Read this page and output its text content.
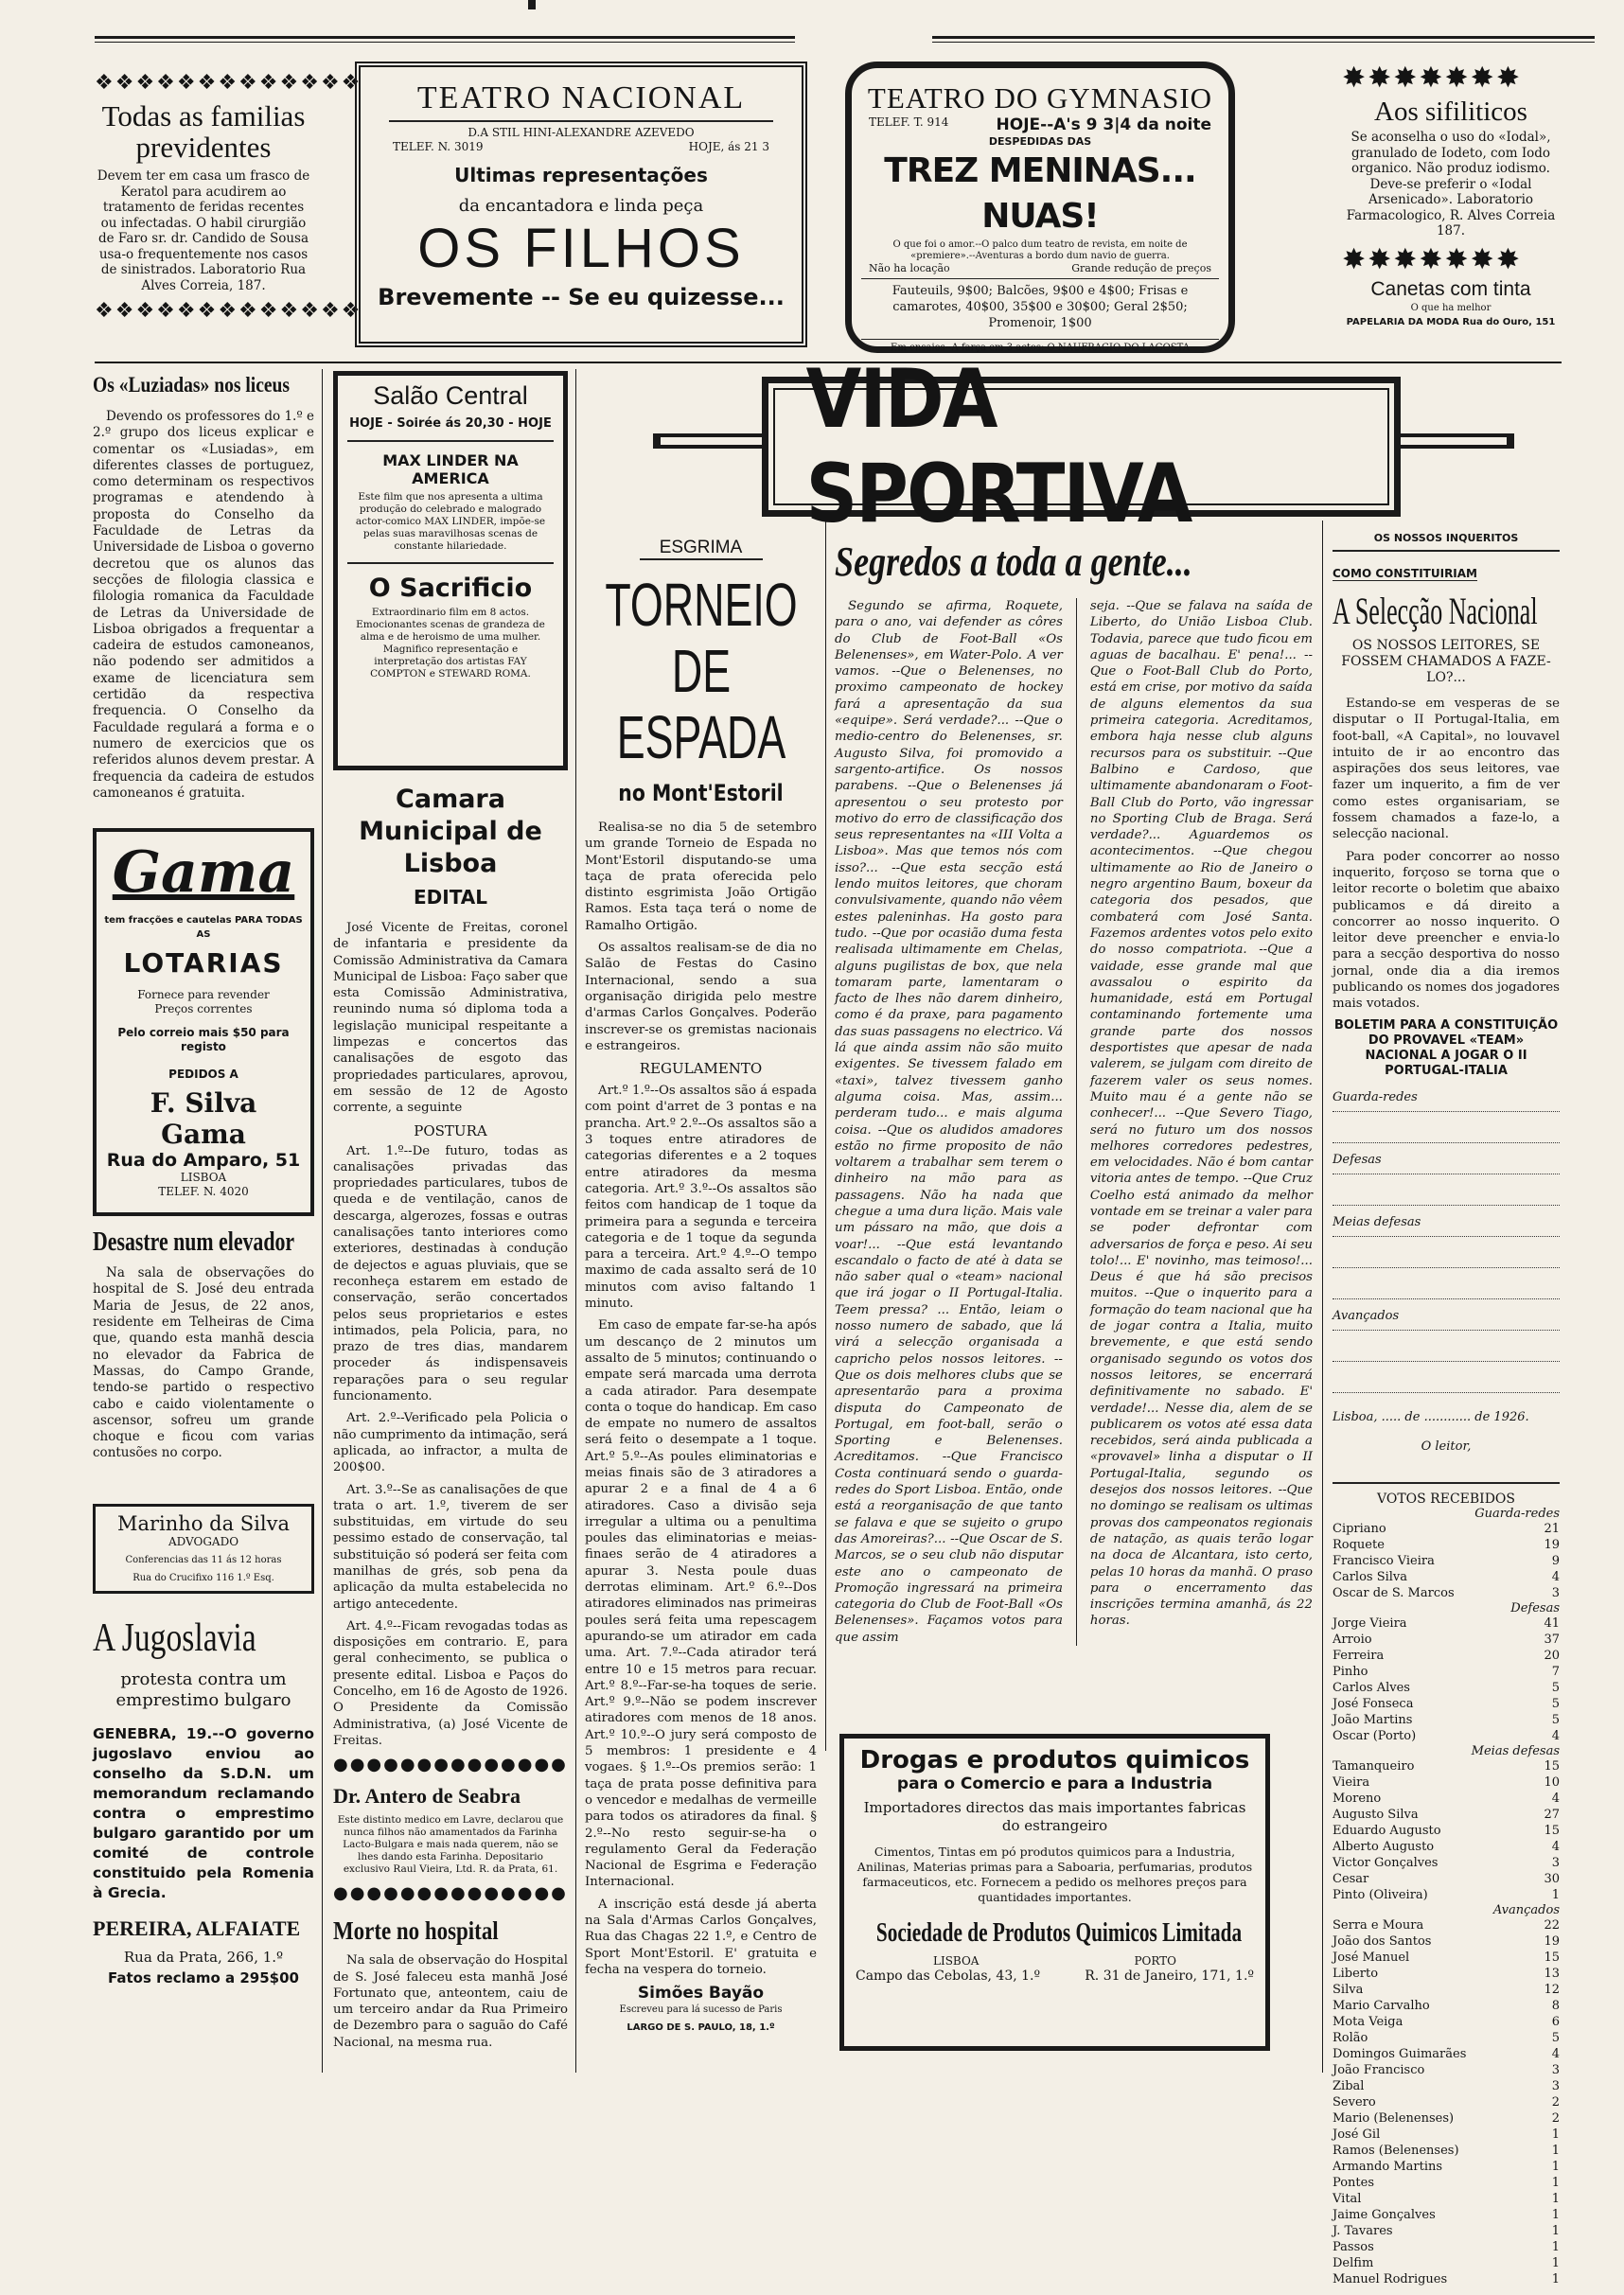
❖❖❖❖❖❖❖❖❖❖❖❖❖
Todas as familias previdentes
Devem ter em casa um frasco de Keratol para acudirem ao tratamento de feridas recentes ou infectadas. O habil cirurgião de Faro sr. dr. Candido de Sousa usa-o frequentemente nos casos de sinistrados. Laboratorio Rua Alves Correia, 187.
❖❖❖❖❖❖❖❖❖❖❖❖❖
TEATRO NACIONAL
D.A STIL HINI-ALEXANDRE AZEVEDO
TELEF. N. 3019	HOJE, ás 21 3
Ultimas representações
da encantadora e linda peça
OS FILHOS
Brevemente -- Se eu quizesse...
TEATRO DO GYMNASIO
TELEF. T. 914	HOJE--A's 9 3|4 da noite
DESPEDIDAS DAS
TREZ MENINAS... NUAS!
O que foi o amor.--O palco dum teatro de revista, em noite de «premiere».--Aventuras a bordo dum navio de guerra.
Não ha locação	Grande redução de preços
Fauteuils, 9$00; Balcões, 9$00 e 4$00; Frisas e camarotes, 40$00, 35$00 e 30$00; Geral 2$50; Promenoir, 1$00
Em ensaios--A farça em 3 actos: O NAUFRAGIO DO LAGOSTA
✸✸✸✸✸✸✸
Aos sifiliticos
Se aconselha o uso do «Iodal», granulado de Iodeto, com Iodo organico. Não produz iodismo. Deve-se preferir o «Iodal Arsenicado». Laboratorio Farmacologico, R. Alves Correia 187.
✸✸✸✸✸✸✸
Canetas com tinta
O que ha melhor
PAPELARIA DA MODA Rua do Ouro, 151
Os «Luziadas» nos liceus

Devendo os professores do 1.º e 2.º grupo dos liceus explicar e comentar os «Lusiadas», em diferentes classes de portuguez, como determinam os respectivos programas e atendendo à proposta do Conselho da Faculdade de Letras da Universidade de Lisboa o governo decretou que os alunos das secções de filologia classica e filologia romanica da Faculdade de Letras da Universidade de Lisboa obrigados a frequentar a cadeira de estudos camoneanos, não podendo ser admitidos a exame de licenciatura sem certidão da respectiva frequencia. O Conselho da Faculdade regulará a forma e o numero de exercicios que os referidos alunos devem prestar. A frequencia da cadeira de estudos camoneanos é gratuita.

Gama
tem fracções e cautelas PARA TODAS AS
LOTARIAS
Fornece para revender
Preços correntes
Pelo correio mais $50 para registo
PEDIDOS A
F. Silva Gama
Rua do Amparo, 51
LISBOA
TELEF. N. 4020
Desastre num elevador

Na sala de observações do hospital de S. José deu entrada Maria de Jesus, de 22 anos, residente em Telheiras de Cima que, quando esta manhã descia no elevador da Fabrica de Massas, do Campo Grande, tendo-se partido o respectivo cabo e caido violentamente o ascensor, sofreu um grande choque e ficou com varias contusões no corpo.

Marinho da Silva
ADVOGADO
Conferencias das 11 ás 12 horas
Rua do Crucifixo 116 1.º Esq.
A Jugoslavia
protesta contra um emprestimo bulgaro

GENEBRA, 19.--O governo jugoslavo enviou ao conselho da S.D.N. um memorandum reclamando contra o emprestimo bulgaro garantido por um comité de controle constituido pela Romenia à Grecia.

PEREIRA, ALFAIATE
Rua da Prata, 266, 1.º
Fatos reclamo a 295$00
Salão Central
HOJE - Soirée ás 20,30 - HOJE
MAX LINDER NA AMERICA
Este film que nos apresenta a ultima produção do celebrado e malogrado actor-comico MAX LINDER, impõe-se pelas suas maravilhosas scenas de constante hilariedade.
O Sacrificio
Extraordinario film em 8 actos. Emocionantes scenas de grandeza de alma e de heroismo de uma mulher. Magnifico representação e interpretação dos artistas FAY COMPTON e STEWARD ROMA.
Camara Municipal de Lisboa
EDITAL

José Vicente de Freitas, coronel de infantaria e presidente da Comissão Administrativa da Camara Municipal de Lisboa: Faço saber que esta Comissão Administrativa, reunindo numa só diploma toda a legislação municipal respeitante a limpezas e concertos das canalisações de esgoto das propriedades particulares, aprovou, em sessão de 12 de Agosto corrente, a seguinte

POSTURA

Art. 1.º--De futuro, todas as canalisações privadas das propriedades particulares, tubos de queda e de ventilação, canos de descarga, algerozes, fossas e outras canalisações tanto interiores como exteriores, destinadas à condução de dejectos e aguas pluviais, que se reconheça estarem em estado de conservação, serão concertados pelos seus proprietarios e estes intimados, pela Policia, para, no prazo de tres dias, mandarem proceder ás indispensaveis reparações para o seu regular funcionamento.

Art. 2.º--Verificado pela Policia o não cumprimento da intimação, será aplicada, ao infractor, a multa de 200$00.

Art. 3.º--Se as canalisações de que trata o art. 1.º, tiverem de ser substituidas, em virtude do seu pessimo estado de conservação, tal substituição só poderá ser feita com manilhas de grés, sob pena da aplicação da multa estabelecida no artigo antecedente.

Art. 4.º--Ficam revogadas todas as disposições em contrario. E, para geral conhecimento, se publica o presente edital. Lisboa e Paços do Concelho, em 16 de Agosto de 1926. O Presidente da Comissão Administrativa, (a) José Vicente de Freitas.

●●●●●●●●●●●●●●
Dr. Antero de Seabra
Este distinto medico em Lavre, declarou que nunca filhos não amamentados da Farinha Lacto-Bulgara e mais nada querem, não se lhes dando esta Farinha. Depositario exclusivo Raul Vieira, Ltd. R. da Prata, 61.
●●●●●●●●●●●●●●
Morte no hospital

Na sala de observação do Hospital de S. José faleceu esta manhã José Fortunato que, anteontem, caiu de um terceiro andar da Rua Primeiro de Dezembro para o saguão do Café Nacional, na mesma rua.

VIDA SPORTIVA
ESGRIMA
TORNEIO DE ESPADA
no Mont'Estoril

Realisa-se no dia 5 de setembro um grande Torneio de Espada no Mont'Estoril disputando-se uma taça de prata oferecida pelo distinto esgrimista João Ortigão Ramos. Esta taça terá o nome de Ramalho Ortigão.

Os assaltos realisam-se de dia no Salão de Festas do Casino Internacional, sendo a sua organisação dirigida pelo mestre d'armas Carlos Gonçalves. Poderão inscrever-se os gremistas nacionais e estrangeiros.

REGULAMENTO

Art.º 1.º--Os assaltos são á espada com point d'arret de 3 pontas e na prancha. Art.º 2.º--Os assaltos são a 3 toques entre atiradores de categorias diferentes e a 2 toques entre atiradores da mesma categoria. Art.º 3.º--Os assaltos são feitos com handicap de 1 toque da primeira para a segunda e terceira categoria e de 1 toque da segunda para a terceira. Art.º 4.º--O tempo maximo de cada assalto será de 10 minutos com aviso faltando 1 minuto.

Em caso de empate far-se-ha após um descanço de 2 minutos um assalto de 5 minutos; continuando o empate será marcada uma derrota a cada atirador. Para desempate conta o toque do handicap. Em caso de empate no numero de assaltos será feito o desempate a 1 toque. Art.º 5.º--As poules eliminatorias e meias finais são de 3 atiradores a apurar 2 e a final de 4 a 6 atiradores. Caso a divisão seja irregular a ultima ou a penultima poules das eliminatorias e meias-finaes serão de 4 atiradores a apurar 3. Nesta poule duas derrotas eliminam. Art.º 6.º--Dos atiradores eliminados nas primeiras poules será feita uma repescagem apurando-se um atirador em cada uma. Art. 7.º--Cada atirador terá entre 10 e 15 metros para recuar. Art.º 8.º--Far-se-ha toques de serie. Art.º 9.º--Não se podem inscrever atiradores com menos de 18 anos. Art.º 10.º--O jury será composto de 5 membros: 1 presidente e 4 vogaes. § 1.º--Os premios serão: 1 taça de prata posse definitiva para o vencedor e medalhas de vermeille para todos os atiradores da final. § 2.º--No resto seguir-se-ha o regulamento Geral da Federação Nacional de Esgrima e Federação Internacional.

A inscrição está desde já aberta na Sala d'Armas Carlos Gonçalves, Rua das Chagas 22 1.º, e Centro de Sport Mont'Estoril. E' gratuita e fecha na vespera do torneio.

Simões Bayão
Escreveu para lá sucesso de Paris
LARGO DE S. PAULO, 18, 1.º
Segredos a toda a gente...

Segundo se afirma, Roquete, para o ano, vai defender as côres do Club de Foot-Ball «Os Belenenses», em Water-Polo. A ver vamos. --Que o Belenenses, no proximo campeonato de hockey fará a apresentação da sua «equipe». Será verdade?... --Que o medio-centro do Belenenses, sr. Augusto Silva, foi promovido a sargento-artifice. Os nossos parabens. --Que o Belenenses já apresentou o seu protesto por motivo do erro de classificação dos seus representantes na «III Volta a Lisboa». Mas que temos nós com isso?... --Que esta secção está lendo muitos leitores, que choram convulsivamente, quando não vêem estes paleninhas. Ha gosto para tudo. --Que por ocasião duma festa realisada ultimamente em Chelas, alguns pugilistas de box, que nela tomaram parte, lamentaram o facto de lhes não darem dinheiro, como é da praxe, para pagamento das suas passagens no electrico. Vá lá que ainda assim não são muito exigentes. Se tivessem falado em «taxi», talvez tivessem ganho alguma coisa. Mas, assim... perderam tudo... e mais alguma coisa. --Que os aludidos amadores estão no firme proposito de não voltarem a trabalhar sem terem o dinheiro na mão para as passagens. Não ha nada que chegue a uma dura lição. Mais vale um pássaro na mão, que dois a voar!... --Que está levantando escandalo o facto de até à data se não saber qual o «team» nacional que irá jogar o II Portugal-Italia. Teem pressa? ... Então, leiam o nosso numero de sabado, que lá virá a selecção organisada a capricho pelos nossos leitores. --Que os dois melhores clubs que se apresentarão para a proxima disputa do Campeonato de Portugal, em foot-ball, serão o Sporting e Belenenses. Acreditamos. --Que Francisco Costa continuará sendo o guarda-redes do Sport Lisboa. Então, onde está a reorganisação de que tanto se falava e que se sujeito o grupo das Amoreiras?... --Que Oscar de S. Marcos, se o seu club não disputar este ano o campeonato de Promoção ingressará na primeira categoria do Club de Foot-Ball «Os Belenenses». Façamos votos para que assim

seja. --Que se falava na saída de Liberto, do União Lisboa Club. Todavia, parece que tudo ficou em aguas de bacalhau. E' pena!... --Que o Foot-Ball Club do Porto, está em crise, por motivo da saída de alguns elementos da sua primeira categoria. Acreditamos, embora haja nesse club alguns recursos para os substituir. --Que Balbino e Cardoso, que ultimamente abandonaram o Foot-Ball Club do Porto, vão ingressar no Sporting Club de Braga. Será verdade?... Aguardemos os acontecimentos. --Que chegou ultimamente ao Rio de Janeiro o negro argentino Baum, boxeur da categoria dos pesados, que combaterá com José Santa. Fazemos ardentes votos pelo exito do nosso compatriota. --Que a vaidade, esse grande mal que avassalou o espirito da humanidade, está em Portugal contaminando fortemente uma grande parte dos nossos desportistes que apesar de nada valerem, se julgam com direito de fazerem valer os seus nomes. Muito mau é a gente não se conhecer!... --Que Severo Tiago, será no futuro um dos nossos melhores corredores pedestres, em velocidades. Não é bom cantar vitoria antes de tempo. --Que Cruz Coelho está animado da melhor vontade em se treinar a valer para se poder defrontar com adversarios de força e peso. Ai seu tolo!... E' novinho, mas teimoso!... Deus é que há são precisos muitos. --Que o inquerito para a formação do team nacional que ha de jogar contra a Italia, muito brevemente, e que está sendo organisado segundo os votos dos nossos leitores, se encerrará definitivamente no sabado. E' verdade!... Nesse dia, alem de se publicarem os votos até essa data recebidos, será ainda publicada a «provavel» linha a disputar o II Portugal-Italia, segundo os desejos dos nossos leitores. --Que no domingo se realisam os ultimas provas dos campeonatos regionais de natação, as quais terão logar na doca de Alcantara, isto certo, pelas 10 horas da manhã. O praso para o encerramento das inscrições termina amanhã, ás 22 horas.

Drogas e produtos quimicos
para o Comercio e para a Industria
Importadores directos das mais importantes fabricas do estrangeiro
Cimentos, Tintas em pó produtos quimicos para a Industria, Anilinas, Materias primas para a Saboaria, perfumarias, produtos farmaceuticos, etc. Fornecem a pedido os melhores preços para quantidades importantes.
Sociedade de Produtos Quimicos Limitada
LISBOA	PORTO
Campo das Cebolas, 43, 1.º	R. 31 de Janeiro, 171, 1.º
OS NOSSOS INQUERITOS
COMO CONSTITUIRIAM
A Selecção Nacional
OS NOSSOS LEITORES, SE FOSSEM CHAMADOS A FAZE-LO?...

Estando-se em vesperas de se disputar o II Portugal-Italia, em foot-ball, «A Capital», no louvavel intuito de ir ao encontro das aspirações dos seus leitores, vae fazer um inquerito, a fim de ver como estes organisariam, se fossem chamados a faze-lo, a selecção nacional.

Para poder concorrer ao nosso inquerito, forçoso se torna que o leitor recorte o boletim que abaixo publicamos e dá direito a concorrer ao nosso inquerito. O leitor deve preencher e envia-lo para a secção desportiva do nosso jornal, onde dia a dia iremos publicando os nomes dos jogadores mais votados.

BOLETIM PARA A CONSTITUIÇÃO DO PROVAVEL «TEAM» NACIONAL A JOGAR O II PORTUGAL-ITALIA
Guarda-redes
Defesas
Meias defesas
Avançados
Lisboa, ..... de ............ de 1926.
O leitor,
VOTOS RECEBIDOS
Guarda-redes
Cipriano	21
Roquete	19
Francisco Vieira	9
Carlos Silva	4
Oscar de S. Marcos	3
Defesas
Jorge Vieira	41
Arroio	37
Ferreira	20
Pinho	7
Carlos Alves	5
José Fonseca	5
João Martins	5
Oscar (Porto)	4
Meias defesas
Tamanqueiro	15
Vieira	10
Moreno	4
Augusto Silva	27
Eduardo Augusto	15
Alberto Augusto	4
Victor Gonçalves	3
Cesar	30
Pinto (Oliveira)	1
Avançados
Serra e Moura	22
João dos Santos	19
José Manuel	15
Liberto	13
Silva	12
Mario Carvalho	8
Mota Veiga	6
Rolão	5
Domingos Guimarães	4
João Francisco	3
Zibal	3
Severo	2
Mario (Belenenses)	2
José Gil	1
Ramos (Belenenses)	1
Armando Martins	1
Pontes	1
Vital	1
Jaime Gonçalves	1
J. Tavares	1
Passos	1
Delfim	1
Manuel Rodrigues	1
